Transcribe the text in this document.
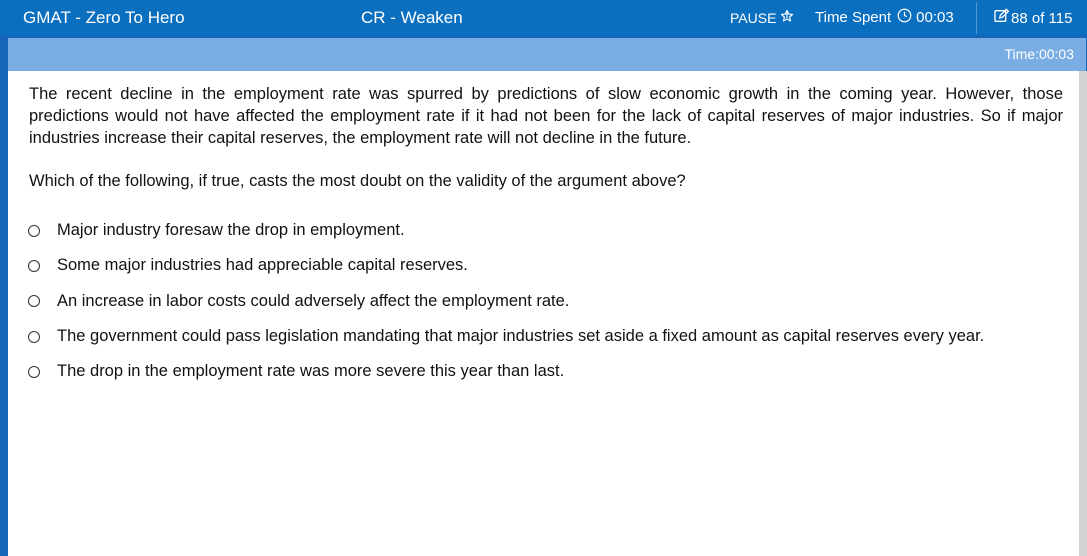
GMAT - Zero To Hero	CR - Weaken	PAUSE	Time Spent 00:03	88 of 115
Time:00:03

The recent decline in the employment rate was spurred by predictions of slow economic growth in the coming year. However, those predictions would not have affected the employment rate if it had not been for the lack of capital reserves of major industries. So if major industries increase their capital reserves, the employment rate will not decline in the future.

Which of the following, if true, casts the most doubt on the validity of the argument above?

Major industry foresaw the drop in employment.
Some major industries had appreciable capital reserves.
An increase in labor costs could adversely affect the employment rate.
The government could pass legislation mandating that major industries set aside a fixed amount as capital reserves every year.
The drop in the employment rate was more severe this year than last.
